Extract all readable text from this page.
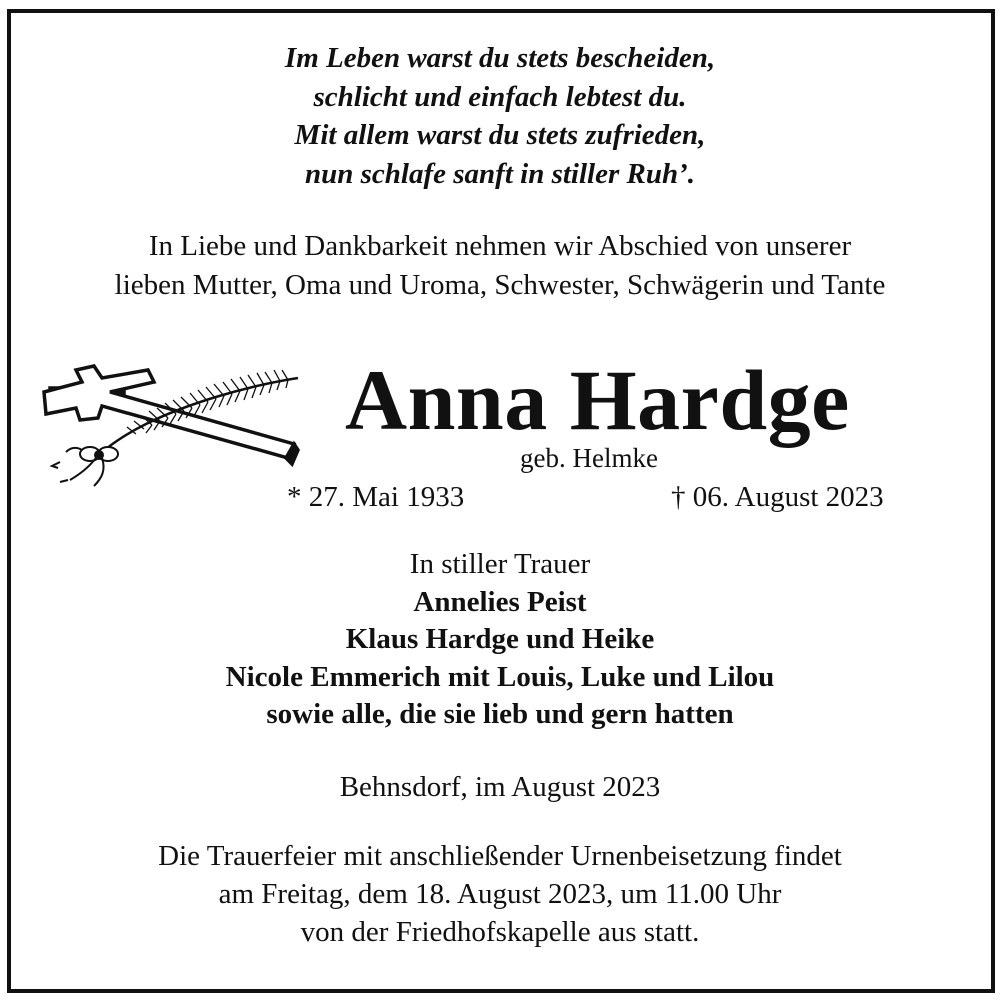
Im Leben warst du stets bescheiden,
schlicht und einfach lebtest du.
Mit allem warst du stets zufrieden,
nun schlafe sanft in stiller Ruh’.
In Liebe und Dankbarkeit nehmen wir Abschied von unserer
lieben Mutter, Oma und Uroma, Schwester, Schwägerin und Tante
Anna Hardge
geb. Helmke
* 27. Mai 1933	† 06. August 2023
In stiller Trauer
Annelies Peist
Klaus Hardge und Heike
Nicole Emmerich mit Louis, Luke und Lilou
sowie alle, die sie lieb und gern hatten
Behnsdorf, im August 2023
Die Trauerfeier mit anschließender Urnenbeisetzung findet
am Freitag, dem 18. August 2023, um 11.00 Uhr
von der Friedhofskapelle aus statt.
